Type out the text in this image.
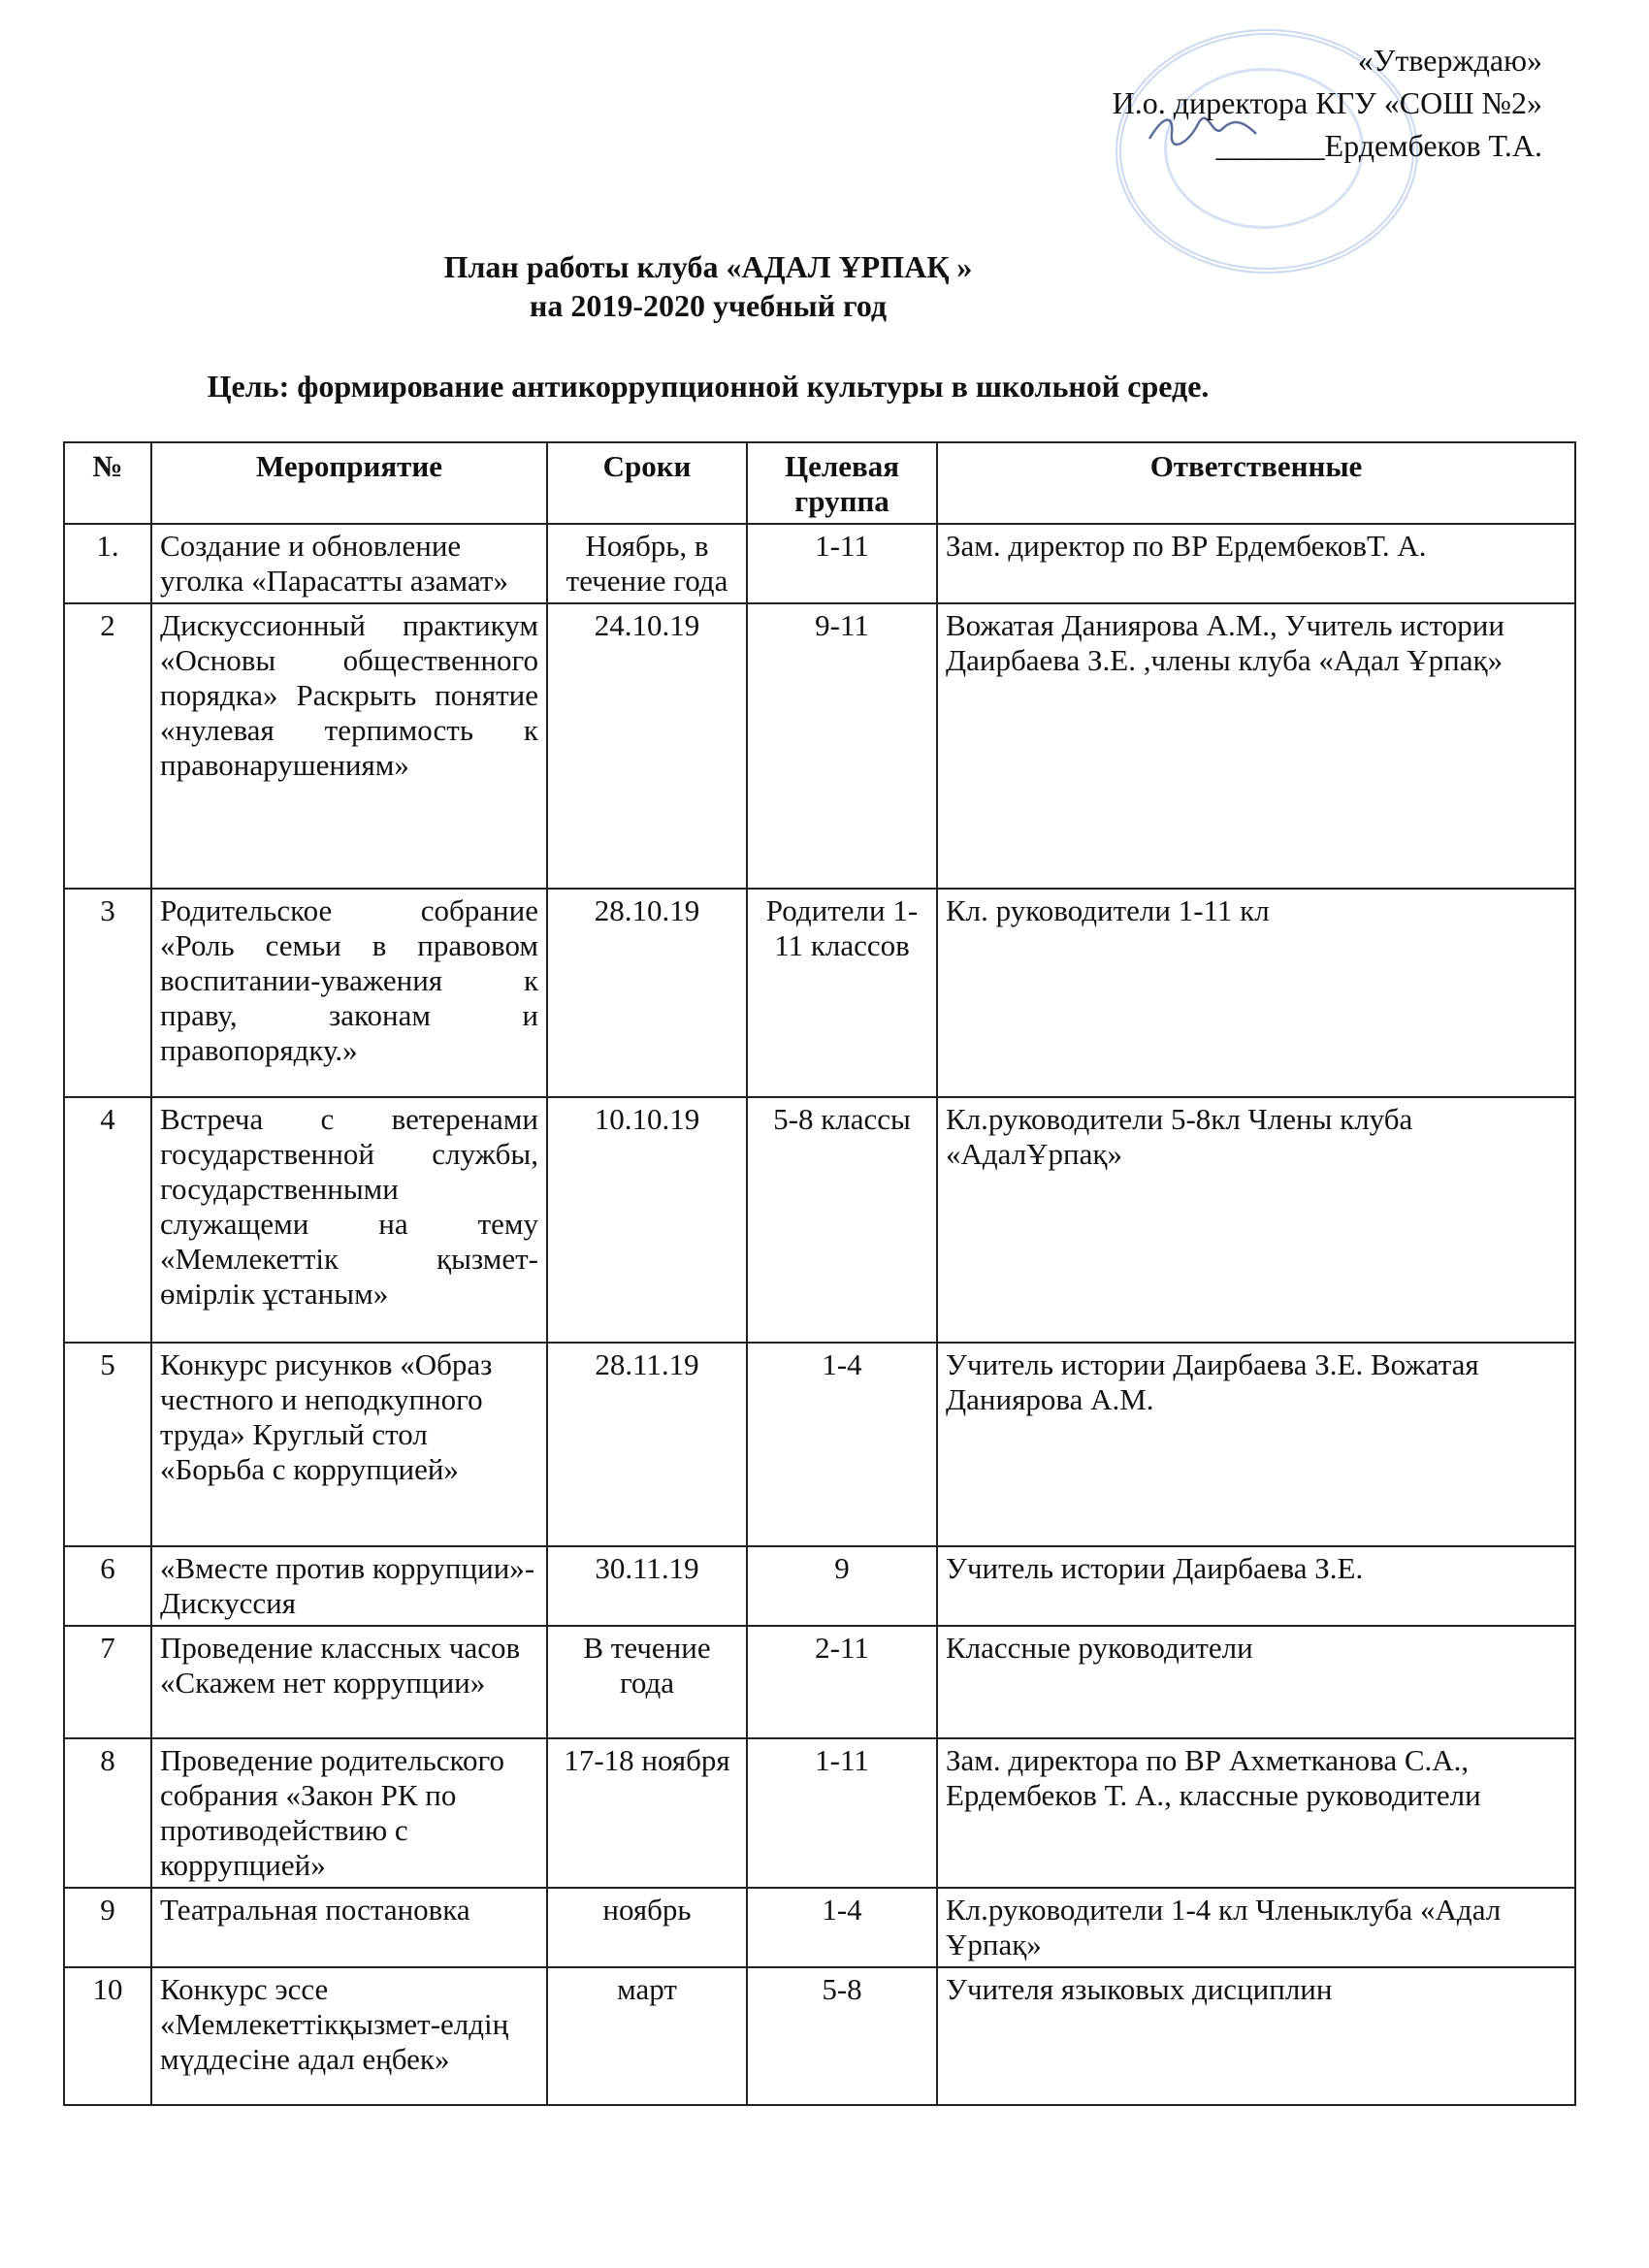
«Утверждаю»
И.о. директора КГУ «СОШ №2»
_______Ердембеков Т.А.
План работы клуба «АДАЛ ҰРПАҚ »
на 2019-2020 учебный год
Цель: формирование антикоррупционной культуры в школьной среде.
№	Мероприятие	Сроки	Целевая группа	Ответственные
1.	Создание и обновление уголка «Парасатты азамат»	Ноябрь, в течение года	1-11	Зам. директор по ВР ЕрдембековТ. А.
2	Дискуссионный практикум «Основы общественного порядка» Раскрыть понятие «нулевая терпимость к правонарушениям»	24.10.19	9-11	Вожатая Даниярова А.М., Учитель истории Даирбаева З.Е. ,члены клуба «Адал Ұрпақ»
3	Родительское собрание «Роль семьи в правовом воспитании-уважения к праву, законам и правопорядку.»	28.10.19	Родители 1-11 классов	Кл. руководители 1-11 кл
4	Встреча с ветеренами государственной службы, государственными служащеми на тему «Мемлекеттік қызмет-өмірлік ұстаным»	10.10.19	5-8 классы	Кл.руководители 5-8кл Члены клуба «АдалҰрпақ»
5	Конкурс рисунков «Образ честного и неподкупного труда» Круглый стол «Борьба с коррупцией»	28.11.19	1-4	Учитель истории Даирбаева З.Е. Вожатая Даниярова А.М.
6	«Вместе против коррупции»-Дискуссия	30.11.19	9	Учитель истории Даирбаева З.Е.
7	Проведение классных часов «Скажем нет коррупции»	В течение года	2-11	Классные руководители
8	Проведение родительского собрания «Закон РК по противодействию с коррупцией»	17-18 ноября	1-11	Зам. директора по ВР Ахметканова С.А., Ердембеков Т. А., классные руководители
9	Театральная постановка	ноябрь	1-4	Кл.руководители 1-4 кл Членыклуба «Адал Ұрпақ»
10	Конкурс эссе «Мемлекеттікқызмет-елдің мүддесіне адал еңбек»	март	5-8	Учителя языковых дисциплин
